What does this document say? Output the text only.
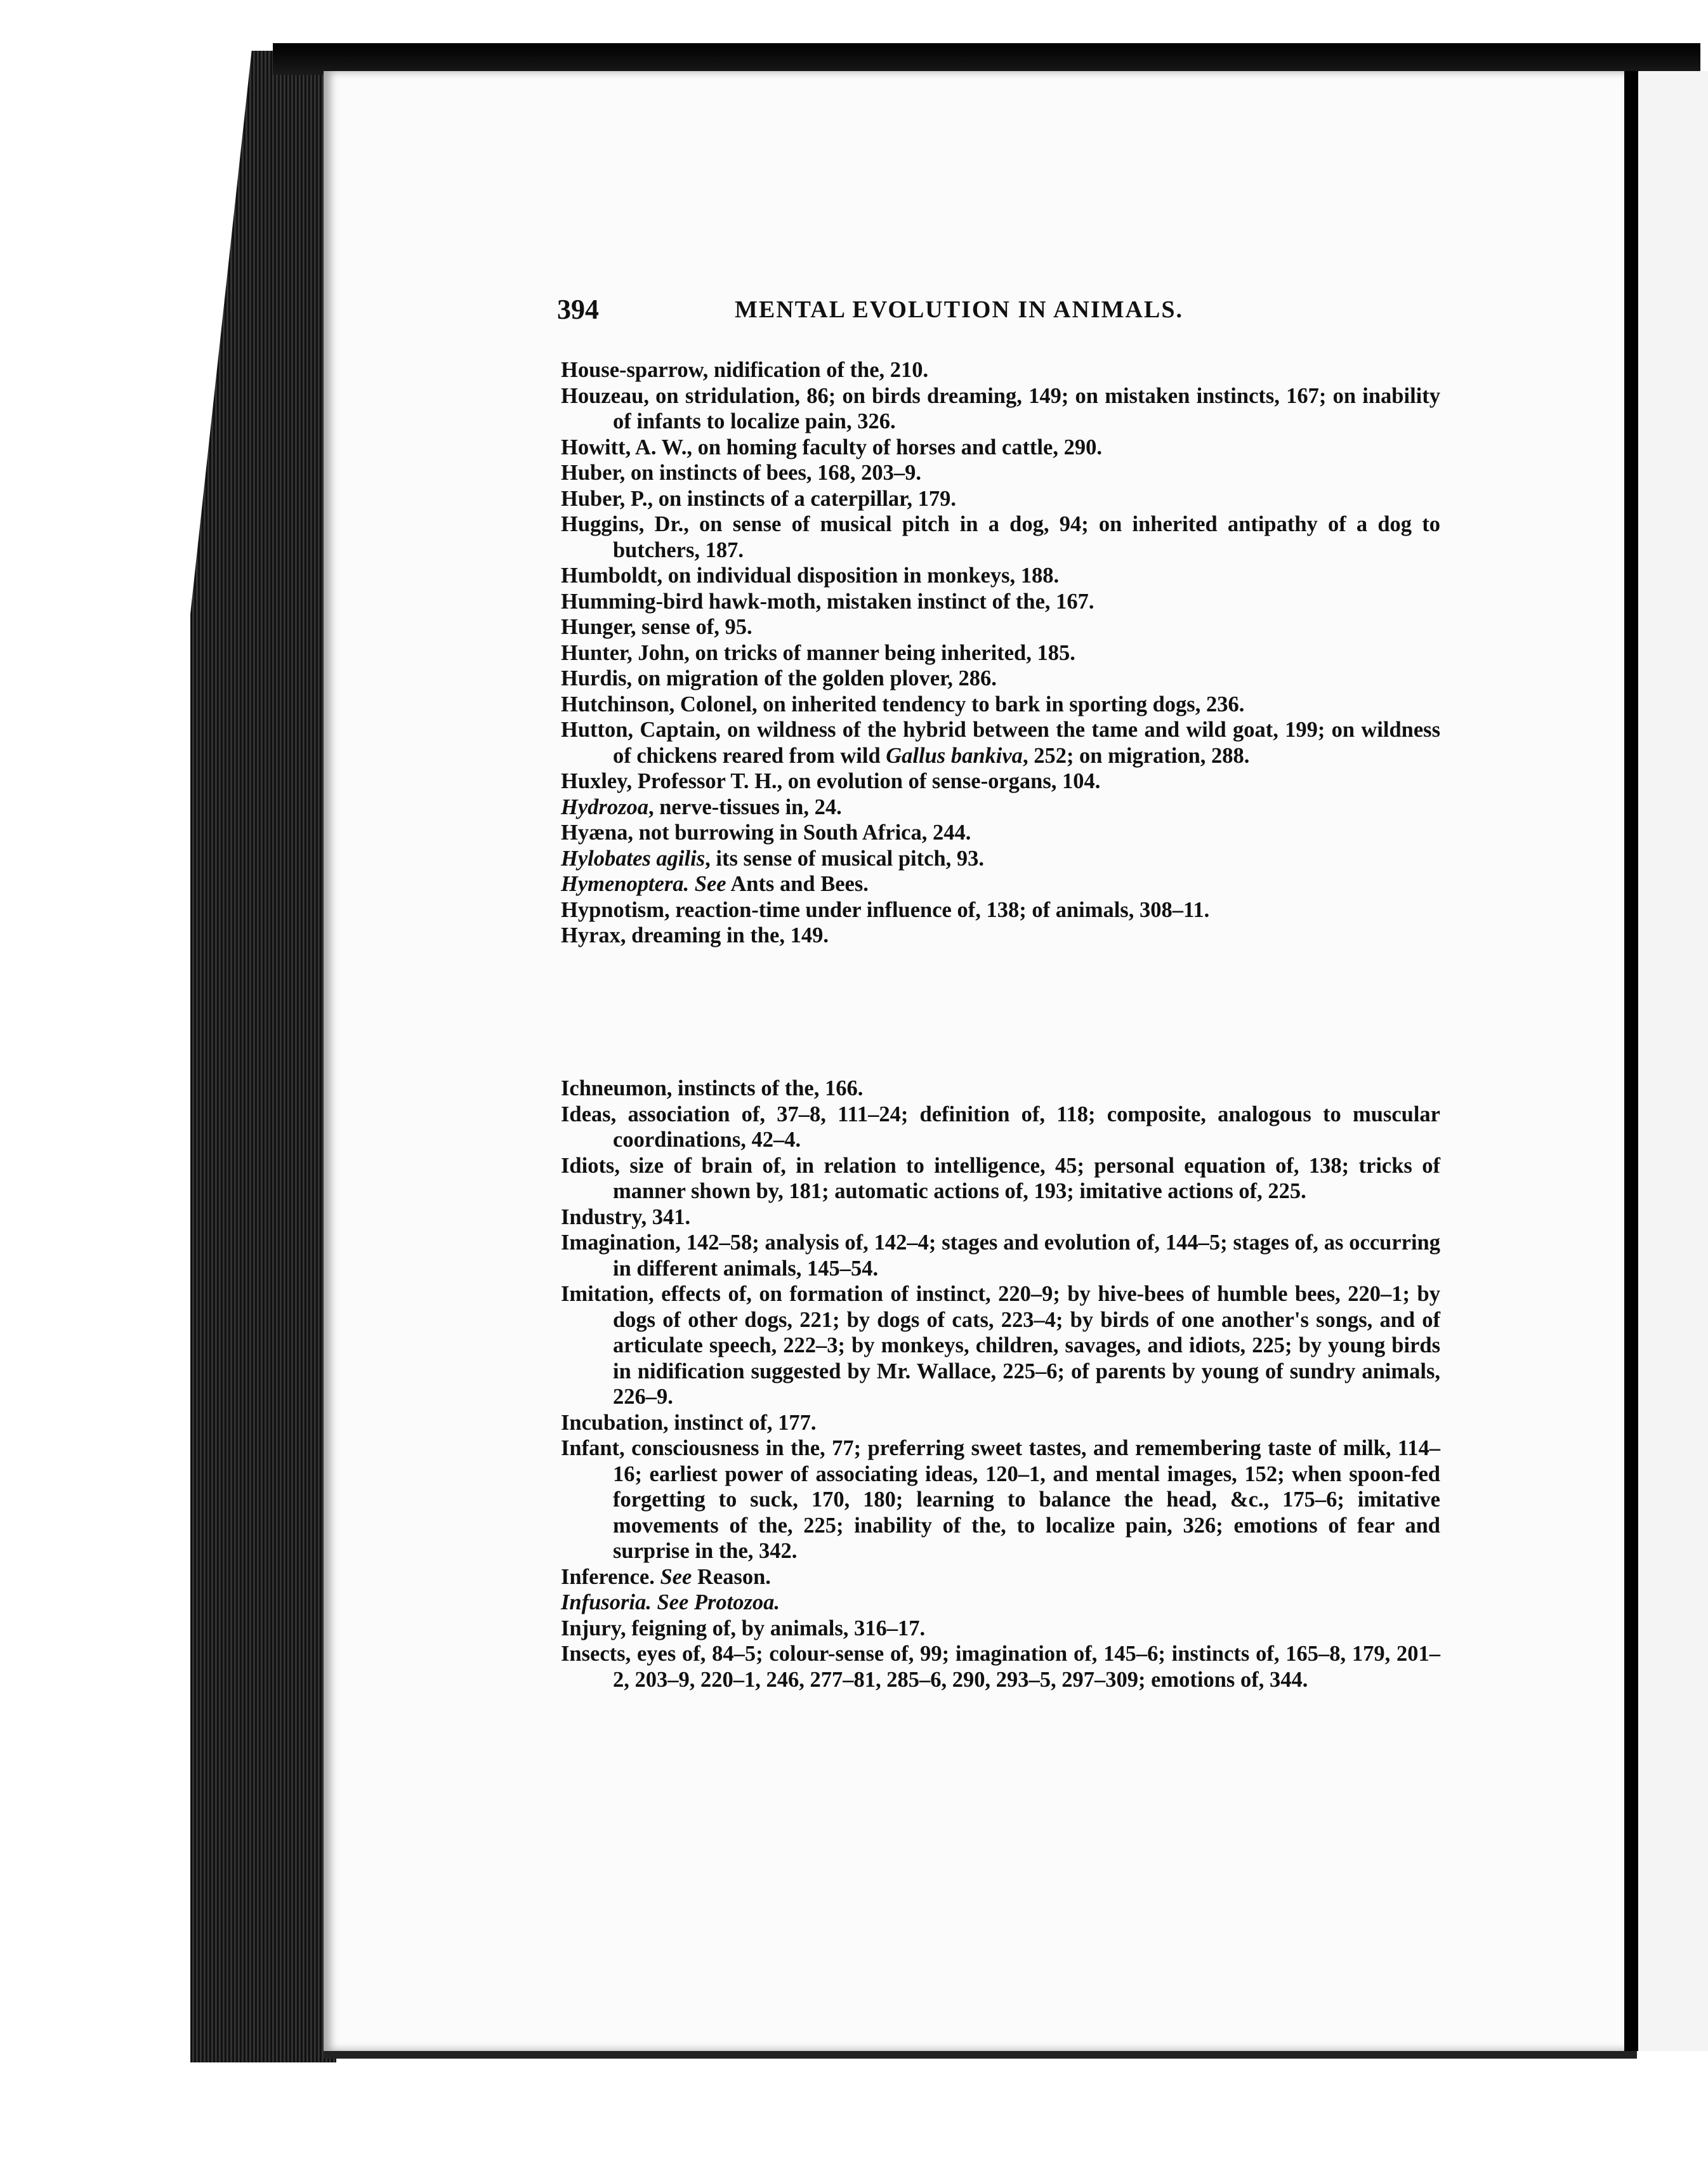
394	MENTAL EVOLUTION IN ANIMALS.

House-sparrow, nidification of the, 210.

Houzeau, on stridulation, 86; on birds dreaming, 149; on mistaken instincts, 167; on inability of infants to localize pain, 326.

Howitt, A. W., on homing faculty of horses and cattle, 290.

Huber, on instincts of bees, 168, 203–9.

Huber, P., on instincts of a caterpillar, 179.

Huggins, Dr., on sense of musical pitch in a dog, 94; on inherited antipathy of a dog to butchers, 187.

Humboldt, on individual disposition in monkeys, 188.

Humming-bird hawk-moth, mistaken instinct of the, 167.

Hunger, sense of, 95.

Hunter, John, on tricks of manner being inherited, 185.

Hurdis, on migration of the golden plover, 286.

Hutchinson, Colonel, on inherited tendency to bark in sporting dogs, 236.

Hutton, Captain, on wildness of the hybrid between the tame and wild goat, 199; on wildness of chickens reared from wild Gallus bankiva, 252; on migration, 288.

Huxley, Professor T. H., on evolution of sense-organs, 104.

Hydrozoa, nerve-tissues in, 24.

Hyæna, not burrowing in South Africa, 244.

Hylobates agilis, its sense of musical pitch, 93.

Hymenoptera. See Ants and Bees.

Hypnotism, reaction-time under influence of, 138; of animals, 308–11.

Hyrax, dreaming in the, 149.

Ichneumon, instincts of the, 166.

Ideas, association of, 37–8, 111–24; definition of, 118; composite, analogous to muscular coordinations, 42–4.

Idiots, size of brain of, in relation to intelligence, 45; personal equation of, 138; tricks of manner shown by, 181; automatic actions of, 193; imitative actions of, 225.

Industry, 341.

Imagination, 142–58; analysis of, 142–4; stages and evolution of, 144–5; stages of, as occurring in different animals, 145–54.

Imitation, effects of, on formation of instinct, 220–9; by hive-bees of humble bees, 220–1; by dogs of other dogs, 221; by dogs of cats, 223–4; by birds of one another's songs, and of articulate speech, 222–3; by monkeys, children, savages, and idiots, 225; by young birds in nidification suggested by Mr. Wallace, 225–6; of parents by young of sundry animals, 226–9.

Incubation, instinct of, 177.

Infant, consciousness in the, 77; preferring sweet tastes, and remembering taste of milk, 114–16; earliest power of associating ideas, 120–1, and mental images, 152; when spoon-fed forgetting to suck, 170, 180; learning to balance the head, &c., 175–6; imitative movements of the, 225; inability of the, to localize pain, 326; emotions of fear and surprise in the, 342.

Inference. See Reason.

Infusoria. See Protozoa.

Injury, feigning of, by animals, 316–17.

Insects, eyes of, 84–5; colour-sense of, 99; imagination of, 145–6; instincts of, 165–8, 179, 201–2, 203–9, 220–1, 246, 277–81, 285–6, 290, 293–5, 297–309; emotions of, 344.
